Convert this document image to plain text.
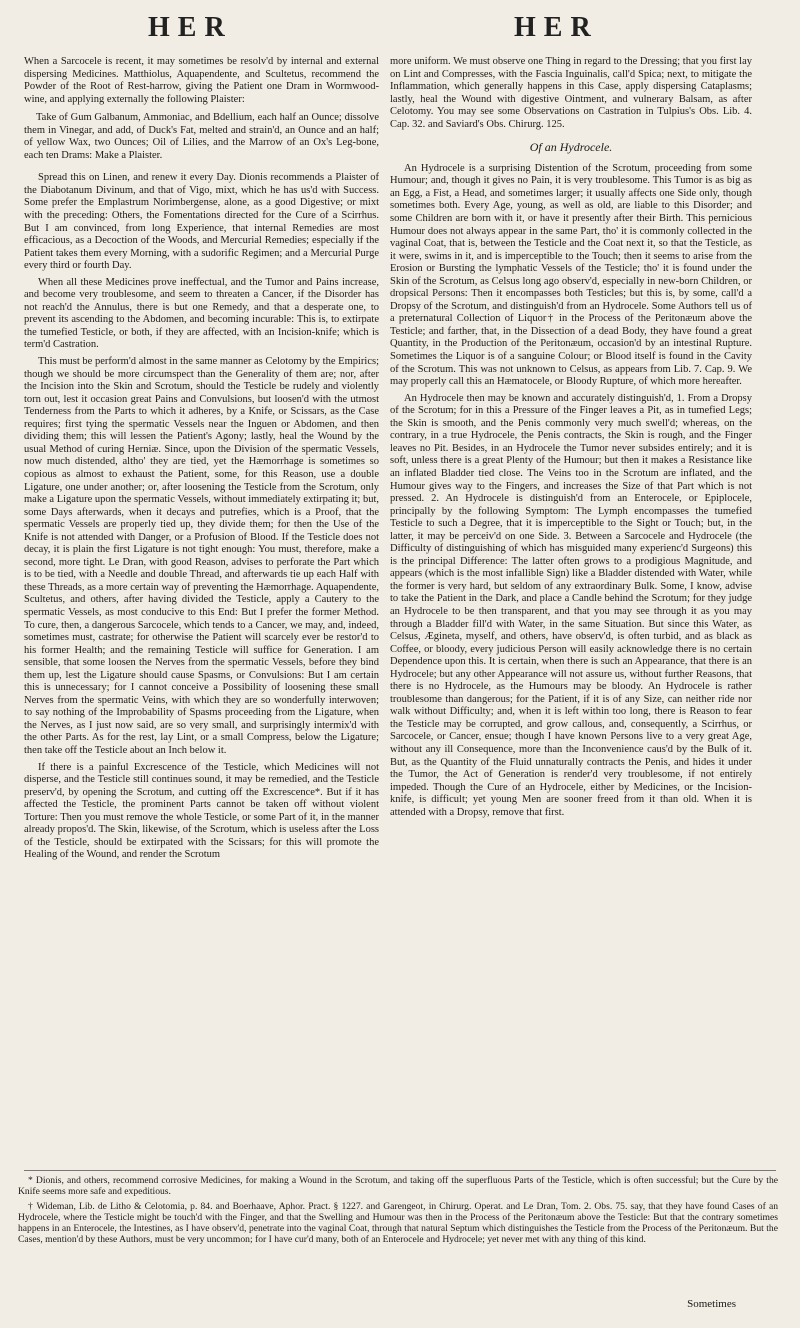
HER	HER

When a Sarcocele is recent, it may sometimes be resolv'd by internal and external dispersing Medicines. Matthiolus, Aquapendente, and Scultetus, recommend the Powder of the Root of Rest-harrow, giving the Patient one Dram in Wormwood-wine, and applying externally the following Plaister:

Take of Gum Galbanum, Ammoniac, and Bdellium, each half an Ounce; dissolve them in Vinegar, and add, of Duck's Fat, melted and strain'd, an Ounce and an half; of yellow Wax, two Ounces; Oil of Lilies, and the Marrow of an Ox's Leg-bone, each ten Drams: Make a Plaister.

Spread this on Linen, and renew it every Day. Dionis recommends a Plaister of the Diabotanum Divinum, and that of Vigo, mixt, which he has us'd with Success. Some prefer the Emplastrum Norimbergense, alone, as a good Digestive; or mixt with the preceding: Others, the Fomentations directed for the Cure of a Scirrhus. But I am convinced, from long Experience, that internal Remedies are most efficacious, as a Decoction of the Woods, and Mercurial Remedies; especially if the Patient takes them every Morning, with a sudorific Regimen; and a Mercurial Purge every third or fourth Day.

When all these Medicines prove ineffectual, and the Tumor and Pains increase, and become very troublesome, and seem to threaten a Cancer, if the Disorder has not reach'd the Annulus, there is but one Remedy, and that a desperate one, to prevent its ascending to the Abdomen, and becoming incurable: This is, to extirpate the tumefied Testicle, or both, if they are affected, with an Incision-knife; which is term'd Castration.

This must be perform'd almost in the same manner as Celotomy by the Empirics; though we should be more circumspect than the Generality of them are; nor, after the Incision into the Skin and Scrotum, should the Testicle be rudely and violently torn out, lest it occasion great Pains and Convulsions, but loosen'd with the utmost Tenderness from the Parts to which it adheres, by a Knife, or Scissars, as the Case requires; first tying the spermatic Vessels near the Inguen or Abdomen, and then dividing them; this will lessen the Patient's Agony; lastly, heal the Wound by the usual Method of curing Herniæ. Since, upon the Division of the spermatic Vessels, now much distended, altho' they are tied, yet the Hæmorrhage is sometimes so copious as almost to exhaust the Patient, some, for this Reason, use a double Ligature, one under another; or, after loosening the Testicle from the Scrotum, only make a Ligature upon the spermatic Vessels, without immediately extirpating it; but, some Days afterwards, when it decays and putrefies, which is a Proof, that the spermatic Vessels are properly tied up, they divide them; for then the Use of the Knife is not attended with Danger, or a Profusion of Blood. If the Testicle does not decay, it is plain the first Ligature is not tight enough: You must, therefore, make a second, more tight. Le Dran, with good Reason, advises to perforate the Part which is to be tied, with a Needle and double Thread, and afterwards tie up each Half with these Threads, as a more certain way of preventing the Hæmorrhage. Aquapendente, Scultetus, and others, after having divided the Testicle, apply a Cautery to the spermatic Vessels, as most conducive to this End: But I prefer the former Method. To cure, then, a dangerous Sarcocele, which tends to a Cancer, we may, and, indeed, sometimes must, castrate; for otherwise the Patient will scarcely ever be restor'd to his former Health; and the remaining Testicle will suffice for Generation. I am sensible, that some loosen the Nerves from the spermatic Vessels, before they bind them up, lest the Ligature should cause Spasms, or Convulsions: But I am certain this is unnecessary; for I cannot conceive a Possibility of loosening these small Nerves from the spermatic Veins, with which they are so wonderfully interwoven; to say nothing of the Improbability of Spasms proceeding from the Ligature, when the Nerves, as I just now said, are so very small, and surprisingly intermix'd with the other Parts. As for the rest, lay Lint, or a small Compress, below the Ligature; then take off the Testicle about an Inch below it.

If there is a painful Excrescence of the Testicle, which Medicines will not disperse, and the Testicle still continues sound, it may be remedied, and the Testicle preserv'd, by opening the Scrotum, and cutting off the Excrescence*. But if it has affected the Testicle, the prominent Parts cannot be taken off without violent Torture: Then you must remove the whole Testicle, or some Part of it, in the manner already propos'd. The Skin, likewise, of the Scrotum, which is useless after the Loss of the Testicle, should be extirpated with the Scissars; for this will promote the Healing of the Wound, and render the Scrotum

more uniform. We must observe one Thing in regard to the Dressing; that you first lay on Lint and Compresses, with the Fascia Inguinalis, call'd Spica; next, to mitigate the Inflammation, which generally happens in this Case, apply dispersing Cataplasms; lastly, heal the Wound with digestive Ointment, and vulnerary Balsam, as after Celotomy. You may see some Observations on Castration in Tulpius's Obs. Lib. 4. Cap. 32. and Saviard's Obs. Chirurg. 125.

Of an Hydrocele.

An Hydrocele is a surprising Distention of the Scrotum, proceeding from some Humour; and, though it gives no Pain, it is very troublesome. This Tumor is as big as an Egg, a Fist, a Head, and sometimes larger; it usually affects one Side only, though sometimes both. Every Age, young, as well as old, are liable to this Disorder; and some Children are born with it, or have it presently after their Birth. This pernicious Humour does not always appear in the same Part, tho' it is commonly collected in the vaginal Coat, that is, between the Testicle and the Coat next it, so that the Testicle, as it were, swims in it, and is imperceptible to the Touch; then it seems to arise from the Erosion or Bursting the lymphatic Vessels of the Testicle; tho' it is found under the Skin of the Scrotum, as Celsus long ago observ'd, especially in new-born Children, or dropsical Persons: Then it encompasses both Testicles; but this is, by some, call'd a Dropsy of the Scrotum, and distinguish'd from an Hydrocele. Some Authors tell us of a preternatural Collection of Liquor† in the Process of the Peritonæum above the Testicle; and farther, that, in the Dissection of a dead Body, they have found a great Quantity, in the Production of the Peritonæum, occasion'd by an intestinal Rupture. Sometimes the Liquor is of a sanguine Colour; or Blood itself is found in the Cavity of the Scrotum. This was not unknown to Celsus, as appears from Lib. 7. Cap. 9. We may properly call this an Hæmatocele, or Bloody Rupture, of which more hereafter.

An Hydrocele then may be known and accurately distinguish'd, 1. From a Dropsy of the Scrotum; for in this a Pressure of the Finger leaves a Pit, as in tumefied Legs; the Skin is smooth, and the Penis commonly very much swell'd; whereas, on the contrary, in a true Hydrocele, the Penis contracts, the Skin is rough, and the Finger leaves no Pit. Besides, in an Hydrocele the Tumor never subsides entirely; and it is soft, unless there is a great Plenty of the Humour; but then it makes a Resistance like an inflated Bladder tied close. The Veins too in the Scrotum are inflated, and the Humour gives way to the Fingers, and increases the Size of that Part which is not pressed. 2. An Hydrocele is distinguish'd from an Enterocele, or Epiplocele, principally by the following Symptom: The Lymph encompasses the tumefied Testicle to such a Degree, that it is imperceptible to the Sight or Touch; but, in the latter, it may be perceiv'd on one Side. 3. Between a Sarcocele and Hydrocele (the Difficulty of distinguishing of which has misguided many experienc'd Surgeons) this is the principal Difference: The latter often grows to a prodigious Magnitude, and appears (which is the most infallible Sign) like a Bladder distended with Water, while the former is very hard, but seldom of any extraordinary Bulk. Some, I know, advise to take the Patient in the Dark, and place a Candle behind the Scrotum; for they judge an Hydrocele to be then transparent, and that you may see through it as you may through a Bladder fill'd with Water, in the same Situation. But since this Water, as Celsus, Ægineta, myself, and others, have observ'd, is often turbid, and as black as Coffee, or bloody, every judicious Person will easily acknowledge there is no certain Dependence upon this. It is certain, when there is such an Appearance, that there is an Hydrocele; but any other Appearance will not assure us, without further Reasons, that there is no Hydrocele, as the Humours may be bloody. An Hydrocele is rather troublesome than dangerous; for the Patient, if it is of any Size, can neither ride nor walk without Difficulty; and, when it is left within too long, there is Reason to fear the Testicle may be corrupted, and grow callous, and, consequently, a Scirrhus, or Sarcocele, or Cancer, ensue; though I have known Persons live to a very great Age, without any ill Consequence, more than the Inconvenience caus'd by the Bulk of it. But, as the Quantity of the Fluid unnaturally contracts the Penis, and hides it under the Tumor, the Act of Generation is render'd very troublesome, if not entirely impeded. Though the Cure of an Hydrocele, either by Medicines, or the Incision-knife, is difficult; yet young Men are sooner freed from it than old. When it is attended with a Dropsy, remove that first.

* Dionis, and others, recommend corrosive Medicines, for making a Wound in the Scrotum, and taking off the superfluous Parts of the Testicle, which is often successful; but the Cure by the Knife seems more safe and expeditious.

† Wideman, Lib. de Litho & Celotomia, p. 84. and Boerhaave, Aphor. Pract. § 1227. and Garengeot, in Chirurg. Operat. and Le Dran, Tom. 2. Obs. 75. say, that they have found Cases of an Hydrocele, where the Testicle might be touch'd with the Finger, and that the Swelling and Humour was then in the Process of the Peritonæum above the Testicle: But that the contrary sometimes happens in an Enterocele, the Intestines, as I have observ'd, penetrate into the vaginal Coat, through that natural Septum which distinguishes the Testicle from the Process of the Peritonæum. But the Cases, mention'd by these Authors, must be very uncommon; for I have cur'd many, both of an Enterocele and Hydrocele; yet never met with any thing of this kind.

Sometimes
